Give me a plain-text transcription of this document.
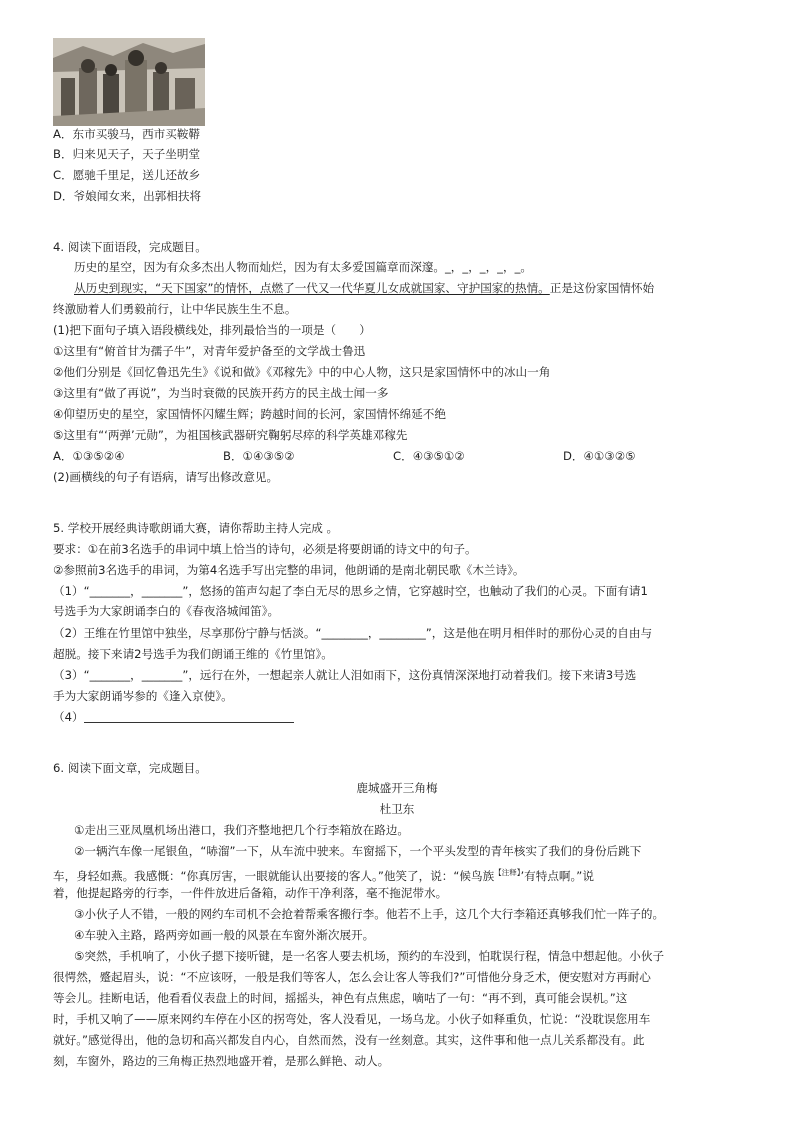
A．东市买骏马，西市买鞍鞯
B．归来见天子，天子坐明堂
C．愿驰千里足，送儿还故乡
D．爷娘闻女来，出郭相扶将
4. 阅读下面语段，完成题目。
历史的星空，因为有众多杰出人物而灿烂，因为有太多爱国篇章而深邃。_，_，_，_，_。
从历史到现实，“天下国家”的情怀，点燃了一代又一代华夏儿女成就国家、守护国家的热情。正是这份家国情怀始
终激励着人们勇毅前行，让中华民族生生不息。
(1)把下面句子填入语段横线处，排列最恰当的一项是（　　）
①这里有“俯首甘为孺子牛”，对青年爱护备至的文学战士鲁迅
②他们分别是《回忆鲁迅先生》《说和做》《邓稼先》中的中心人物，这只是家国情怀中的冰山一角
③这里有“做了再说”，为当时衰微的民族开药方的民主战士闻一多
④仰望历史的星空，家国情怀闪耀生辉；跨越时间的长河，家国情怀绵延不绝
⑤这里有“‘两弹’元勋”，为祖国核武器研究鞠躬尽瘁的科学英雄邓稼先
A．①③⑤②④	B．①④③⑤②	C．④③⑤①②	D．④①③②⑤
(2)画横线的句子有语病，请写出修改意见。
5. 学校开展经典诗歌朗诵大赛，请你帮助主持人完成 。
要求：①在前3名选手的串词中填上恰当的诗句，必须是将要朗诵的诗文中的句子。
②参照前3名选手的串词，为第4名选手写出完整的串词，他朗诵的是南北朝民歌《木兰诗》。
（1）“_______，_______”，悠扬的笛声勾起了李白无尽的思乡之情，它穿越时空，也触动了我们的心灵。下面有请1
号选手为大家朗诵李白的《春夜洛城闻笛》。
（2）王维在竹里馆中独坐，尽享那份宁静与恬淡。“________，________”，这是他在明月相伴时的那份心灵的自由与
超脱。接下来请2号选手为我们朗诵王维的《竹里馆》。
（3）“_______，_______”，远行在外，一想起亲人就让人泪如雨下，这份真情深深地打动着我们。接下来请3号选
手为大家朗诵岑参的《逢入京使》。
（4）
6. 阅读下面文章，完成题目。
鹿城盛开三角梅
杜卫东
①走出三亚凤凰机场出港口，我们齐整地把几个行李箱放在路边。
②一辆汽车像一尾银鱼，“哧溜”一下，从车流中驶来。车窗摇下，一个平头发型的青年核实了我们的身份后跳下
车，身轻如燕。我感慨：“你真厉害，一眼就能认出要接的客人。”他笑了，说：“候鸟族$^{【注释】}$’有特点啊。”说
着，他提起路旁的行李，一件件放进后备箱，动作干净利落，毫不拖泥带水。
③小伙子人不错，一般的网约车司机不会抢着帮乘客搬行李。他若不上手，这几个大行李箱还真够我们忙一阵子的。
④车驶入主路，路两旁如画一般的风景在车窗外渐次展开。
⑤突然，手机响了，小伙子摁下接听键，是一名客人要去机场，预约的车没到，怕耽误行程，情急中想起他。小伙子
很愕然，蹙起眉头，说：“不应该呀，一般是我们等客人，怎么会让客人等我们?”可惜他分身乏术，便安慰对方再耐心
等会儿。挂断电话，他看看仪表盘上的时间，摇摇头，神色有点焦虑，嘀咕了一句：“再不到，真可能会误机。”这
时，手机又响了——原来网约车停在小区的拐弯处，客人没看见，一场乌龙。小伙子如释重负，忙说：“没耽误您用车
就好。”感觉得出，他的急切和高兴都发自内心，自然而然，没有一丝刻意。其实，这件事和他一点儿关系都没有。此
刻，车窗外，路边的三角梅正热烈地盛开着，是那么鲜艳、动人。
